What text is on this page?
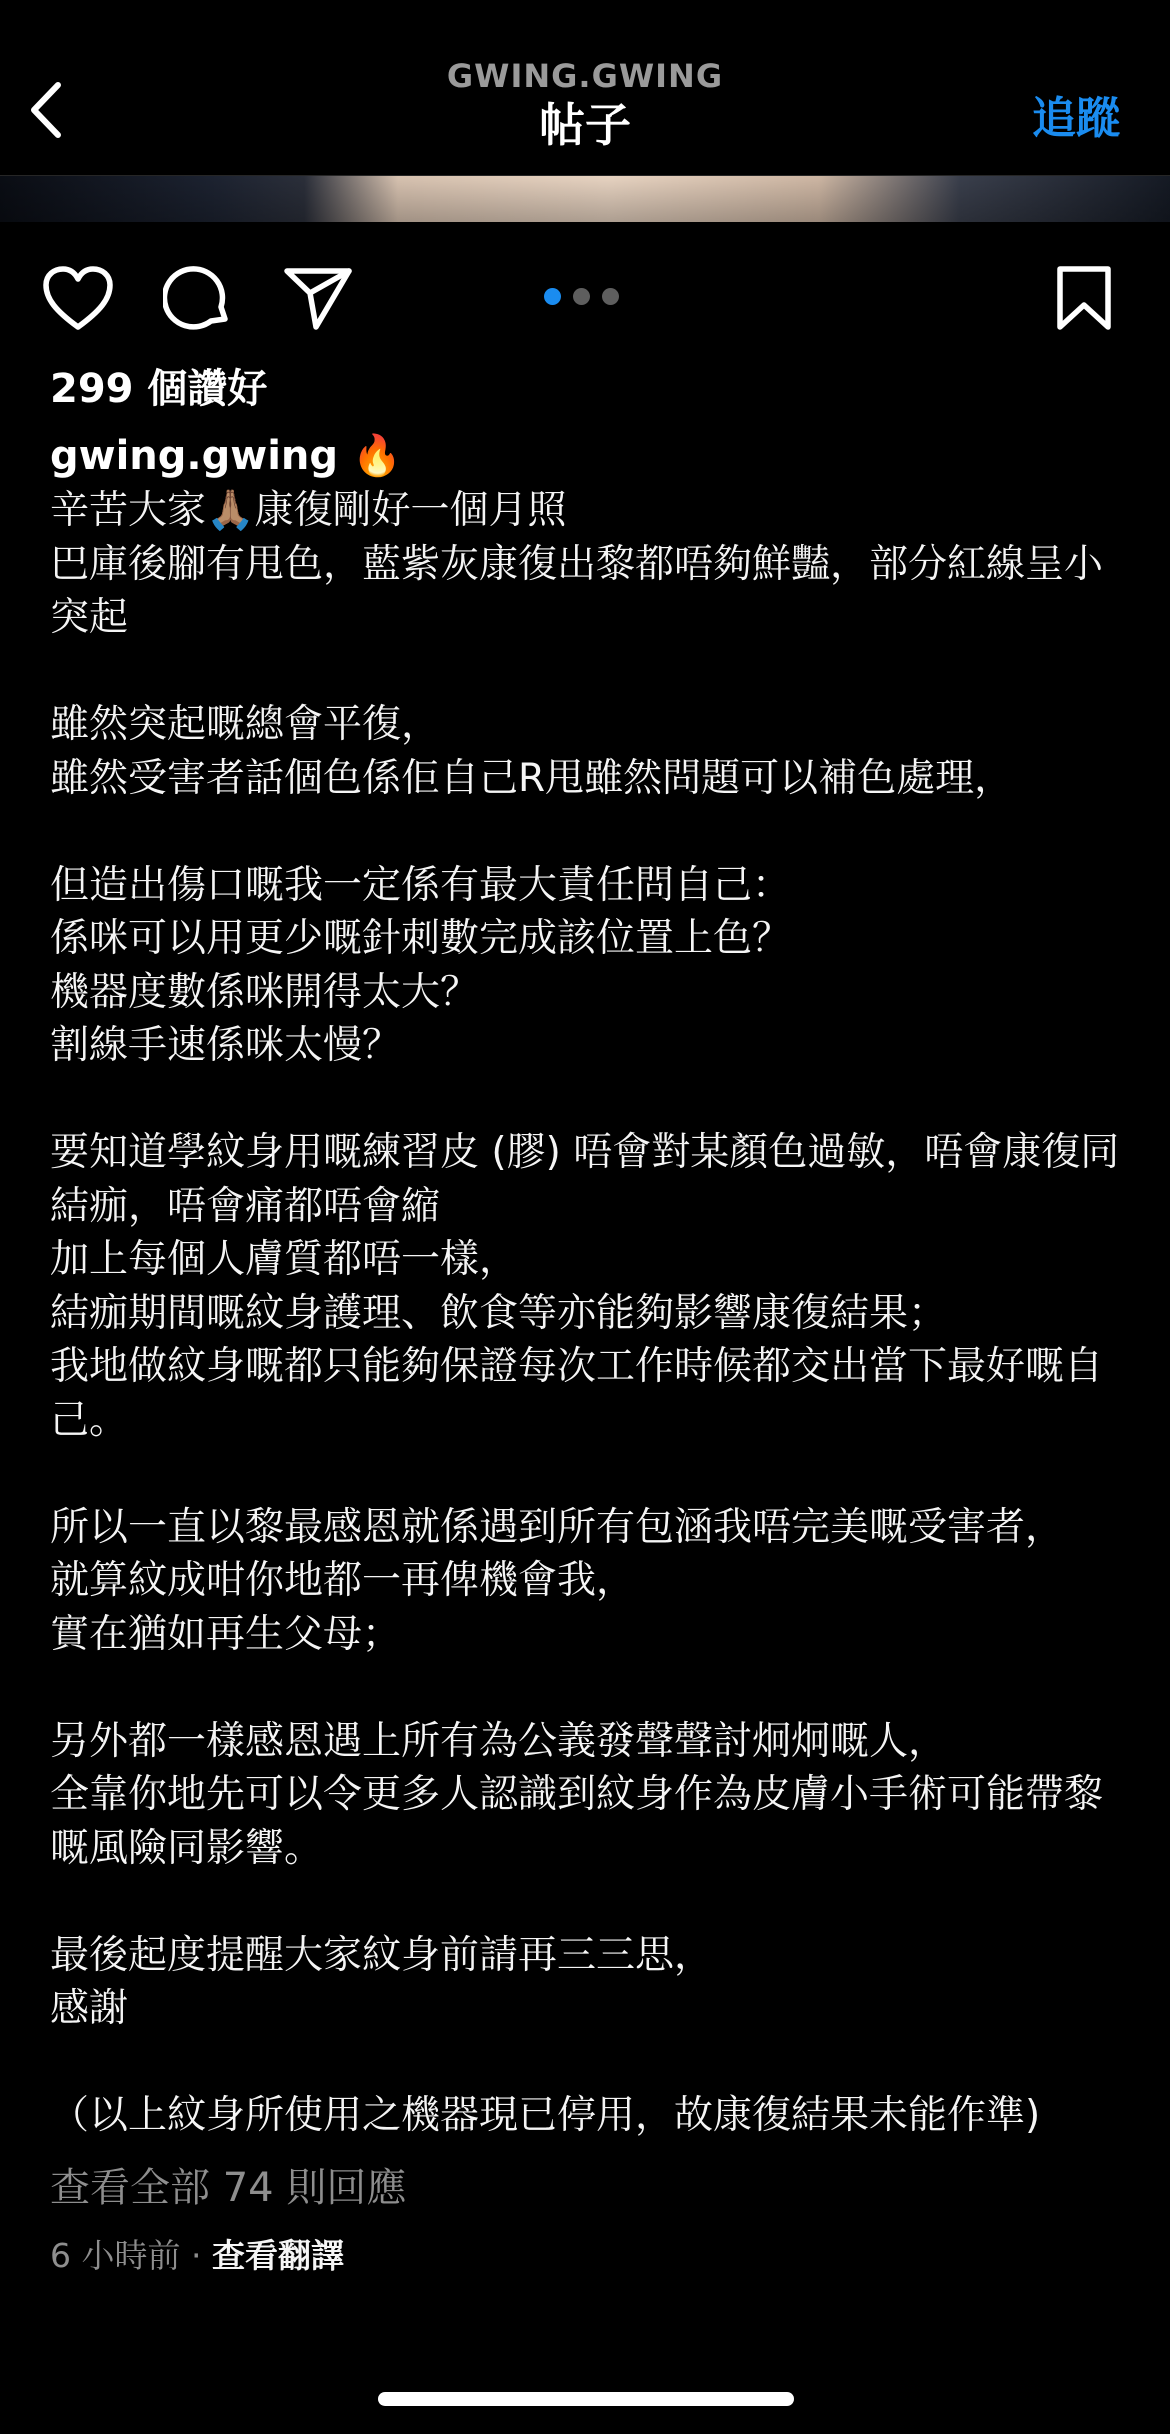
GWING.GWING
帖子	追蹤
299 個讚好
gwing.gwing 🔥

辛苦大家🙏🏽康復剛好一個月照
巴庫後腳有甩色，藍紫灰康復出黎都唔夠鮮豔，部分紅線呈小突起

雖然突起嘅總會平復，
雖然受害者話個色係佢自己R甩雖然問題可以補色處理，

但造出傷口嘅我一定係有最大責任問自己：
係咪可以用更少嘅針刺數完成該位置上色？
機器度數係咪開得太大？
割線手速係咪太慢？

要知道學紋身用嘅練習皮 (膠) 唔會對某顏色過敏，唔會康復同結痂，唔會痛都唔會縮
加上每個人膚質都唔一樣，
結痂期間嘅紋身護理、飲食等亦能夠影響康復結果；
我地做紋身嘅都只能夠保證每次工作時候都交出當下最好嘅自己。

所以一直以黎最感恩就係遇到所有包涵我唔完美嘅受害者，
就算紋成咁你地都一再俾機會我，
實在猶如再生父母；

另外都一樣感恩遇上所有為公義發聲聲討炯炯嘅人，
全靠你地先可以令更多人認識到紋身作為皮膚小手術可能帶黎嘅風險同影響。

最後起度提醒大家紋身前請再三三思，
感謝

（以上紋身所使用之機器現已停用，故康復結果未能作準)

查看全部 74 則回應
6 小時前 · 查看翻譯
